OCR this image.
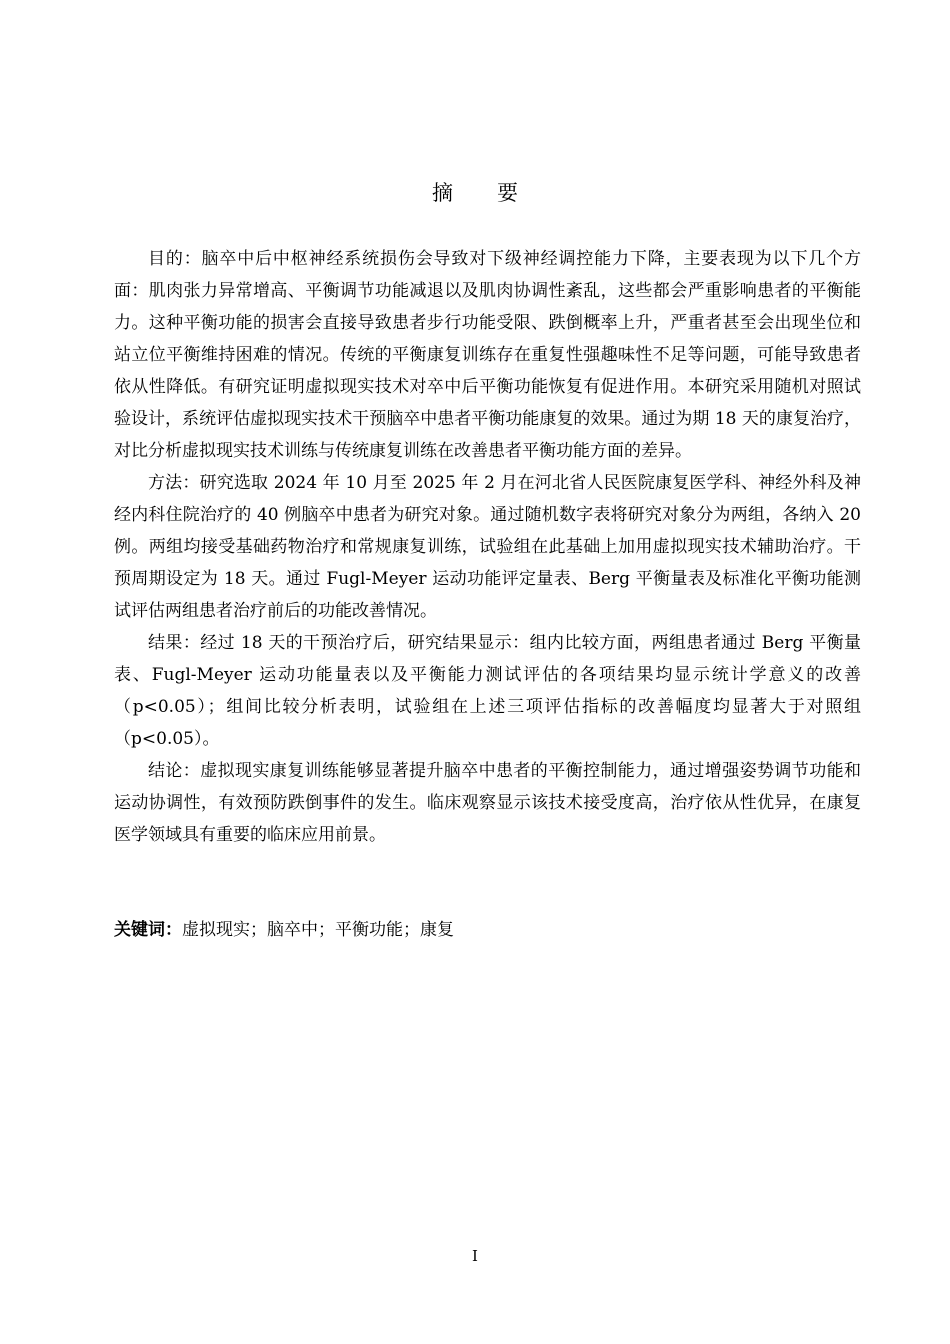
摘要

目的：脑卒中后中枢神经系统损伤会导致对下级神经调控能力下降，主要表现为以下几个方面：肌肉张力异常增高、平衡调节功能减退以及肌肉协调性紊乱，这些都会严重影响患者的平衡能力。这种平衡功能的损害会直接导致患者步行功能受限、跌倒概率上升，严重者甚至会出现坐位和站立位平衡维持困难的情况。传统的平衡康复训练存在重复性强趣味性不足等问题，可能导致患者依从性降低。有研究证明虚拟现实技术对卒中后平衡功能恢复有促进作用。本研究采用随机对照试验设计，系统评估虚拟现实技术干预脑卒中患者平衡功能康复的效果。通过为期 18 天的康复治疗，对比分析虚拟现实技术训练与传统康复训练在改善患者平衡功能方面的差异。

方法：研究选取 2024 年 10 月至 2025 年 2 月在河北省人民医院康复医学科、神经外科及神经内科住院治疗的 40 例脑卒中患者为研究对象。通过随机数字表将研究对象分为两组，各纳入 20 例。两组均接受基础药物治疗和常规康复训练，试验组在此基础上加用虚拟现实技术辅助治疗。干预周期设定为 18 天。通过 Fugl-Meyer 运动功能评定量表、Berg 平衡量表及标准化平衡功能测试评估两组患者治疗前后的功能改善情况。

结果：经过 18 天的干预治疗后，研究结果显示：组内比较方面，两组患者通过 Berg 平衡量表、Fugl-Meyer 运动功能量表以及平衡能力测试评估的各项结果均显示统计学意义的改善（p<0.05）；组间比较分析表明，试验组在上述三项评估指标的改善幅度均显著大于对照组（p<0.05）。

结论：虚拟现实康复训练能够显著提升脑卒中患者的平衡控制能力，通过增强姿势调节功能和运动协调性，有效预防跌倒事件的发生。临床观察显示该技术接受度高，治疗依从性优异，在康复医学领域具有重要的临床应用前景。

关键词：虚拟现实；脑卒中；平衡功能；康复
I
